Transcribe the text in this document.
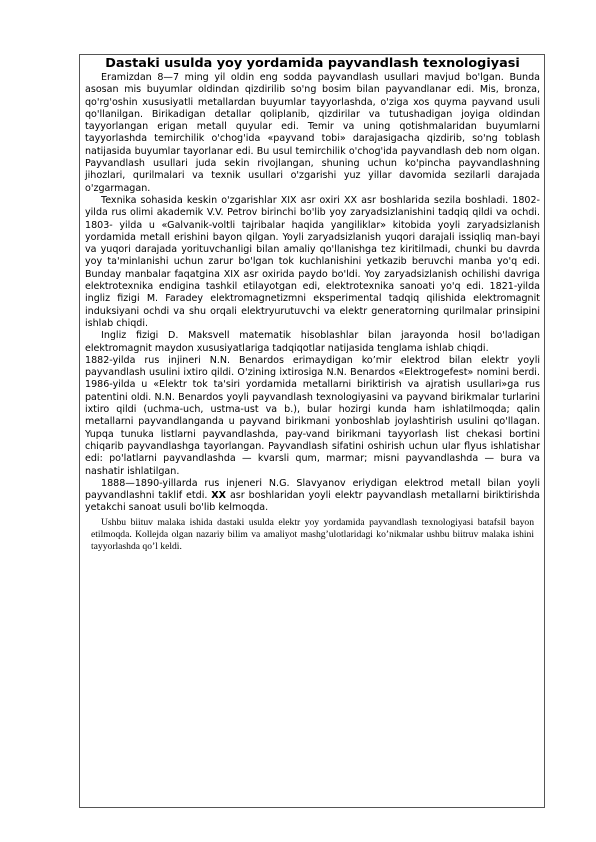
Dastaki usulda yoy yordamida payvandlash texnologiyasi

Eramizdan 8—7 ming yil oldin eng sodda payvandlash usullari mavjud bo'lgan. Bunda asosan mis buyumlar oldindan qizdirilib so'ng bosim bilan payvandlanar edi. Mis, bronza, qo'rg'oshin xususiyatli metallardan buyumlar tayyorlashda, o'ziga xos quyma payvand usuli qo'llanilgan. Birikadigan detallar qoliplanib, qizdirilar va tutushadigan joyiga oldindan tayyorlangan erigan metall quyular edi. Temir va uning qotishmalaridan buyumlarni tayyorlashda temirchilik o'chog'ida «payvand tobi» darajasigacha qizdirib, so'ng toblash natijasida buyumlar tayorlanar edi. Bu usul temirchilik o'chog'ida payvandlash deb nom olgan. Payvandlash usullari juda sekin rivojlangan, shuning uchun ko'pincha payvandlashning jihozlari, qurilmalari va texnik usullari o'zgarishi yuz yillar davomida sezilarli darajada o'zgarmagan.

Texnika sohasida keskin o'zgarishlar XIX asr oxiri XX asr boshlarida sezila boshladi. 1802-yilda rus olimi akademik V.V. Petrov birinchi bo'lib yoy zaryadsizlanishini tadqiq qildi va ochdi. 1803- yilda u «Galvanik-voltli tajribalar haqida yangiliklar» kitobida yoyli zaryadsizlanish yordamida metall erishini bayon qilgan. Yoyli zaryadsizlanish yuqori darajali issiqliq man-bayi va yuqori darajada yorituvchanligi bilan amaliy qo'llanishga tez kiritilmadi, chunki bu davrda yoy ta'minlanishi uchun zarur bo'lgan tok kuchlanishini yetkazib beruvchi manba yo'q edi. Bunday manbalar faqatgina XIX asr oxirida paydo bo'ldi. Yoy zaryadsizlanish ochilishi davriga elektrotexnika endigina tashkil etilayotgan edi, elektrotexnika sanoati yo'q edi. 1821-yilda ingliz fizigi M. Faradey elektromagnetizmni eksperimental tadqiq qilishida elektromagnit induksiyani ochdi va shu orqali elektryurutuvchi va elektr generatorning qurilmalar prinsipini ishlab chiqdi.

Ingliz fizigi D. Maksvell matematik hisoblashlar bilan jarayonda hosil bo'ladigan elektromagnit maydon xususiyatlariga tadqiqotlar natijasida tenglama ishlab chiqdi.

1882-yilda rus injineri N.N. Benardos erimaydigan ko’mir elektrod bilan elektr yoyli payvandlash usulini ixtiro qildi. O'zining ixtirosiga N.N. Benardos «Elektrogefest» nomini berdi. 1986-yilda u «Elektr tok ta'siri yordamida metallarni biriktirish va ajratish usullari»ga rus patentini oldi. N.N. Benardos yoyli payvandlash texnologiyasini va payvand birikmalar turlarini ixtiro qildi (uchma-uch, ustma-ust va b.), bular hozirgi kunda ham ishlatilmoqda; qalin metallarni payvandlanganda u payvand birikmani yonboshlab joylashtirish usulini qo'llagan. Yupqa tunuka listlarni payvandlashda, pay-vand birikmani tayyorlash list chekasi bortini chiqarib payvandlashga tayorlangan. Payvandlash sifatini oshirish uchun ular flyus ishlatishar edi: po'latlarni payvandlashda — kvarsli qum, marmar; misni payvandlashda — bura va nashatir ishlatilgan.

1888—1890-yillarda rus injeneri N.G. Slavyanov eriydigan elektrod metall bilan yoyli payvandlashni taklif etdi. XX asr boshlaridan yoyli elektr payvandlash metallarni biriktirishda yetakchi sanoat usuli bo'lib kelmoqda.

Ushbu biituv malaka ishida dastaki usulda elektr yoy yordamida payvandlash texnologiyasi batafsil bayon etilmoqda. Kollejda olgan nazariy bilim va amaliyot mashg’ulotlaridagi ko’nikmalar ushbu biitruv malaka ishini tayyorlashda qo’l keldi.
